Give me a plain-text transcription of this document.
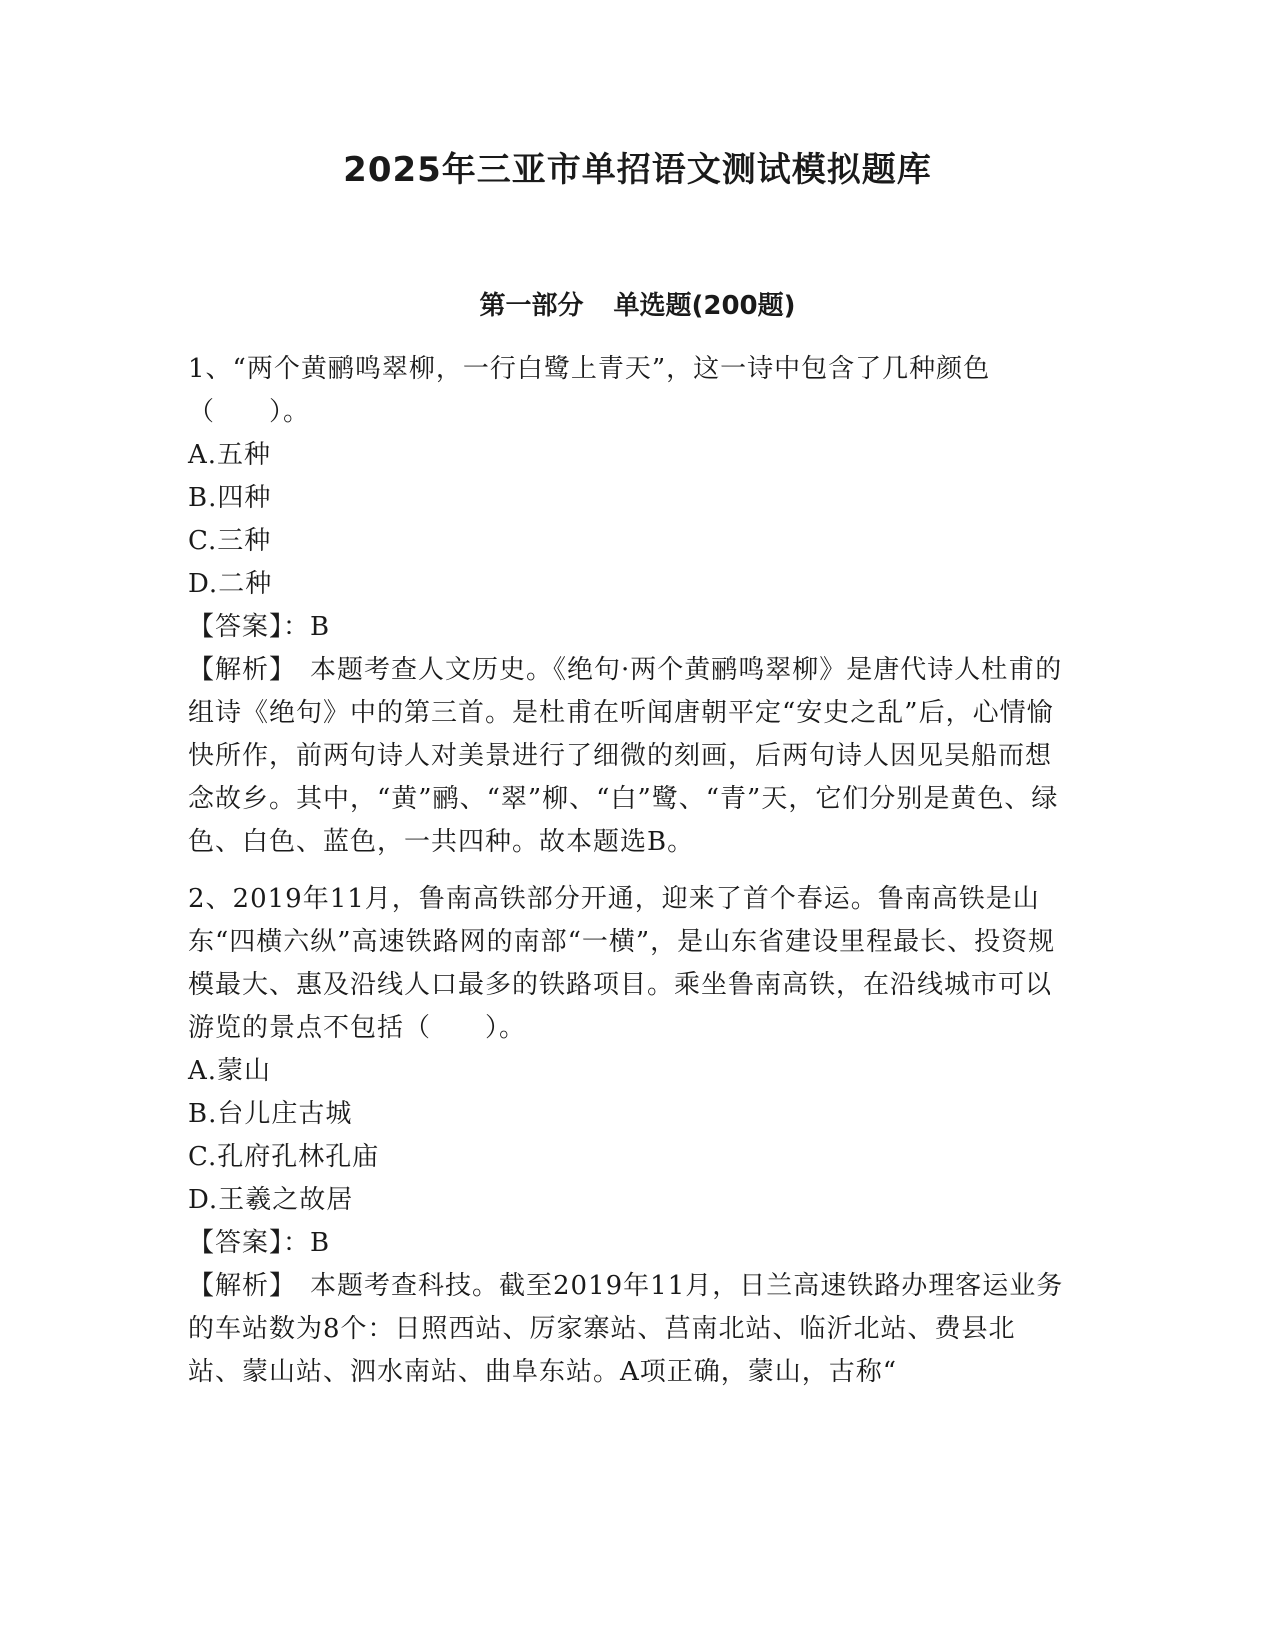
2025年三亚市单招语文测试模拟题库
第一部分 单选题(200题)

1、“两个黄鹂鸣翠柳，一行白鹭上青天”，这一诗中包含了几种颜色（　　）。

A.五种

B.四种

C.三种

D.二种

【答案】：B

【解析】　本题考查人文历史。《绝句·两个黄鹂鸣翠柳》是唐代诗人杜甫的组诗《绝句》中的第三首。是杜甫在听闻唐朝平定“安史之乱”后，心情愉快所作，前两句诗人对美景进行了细微的刻画，后两句诗人因见吴船而想念故乡。其中，“黄”鹂、“翠”柳、“白”鹭、“青”天，它们分别是黄色、绿色、白色、蓝色，一共四种。故本题选B。

2、2019年11月，鲁南高铁部分开通，迎来了首个春运。鲁南高铁是山东“四横六纵”高速铁路网的南部“一横”，是山东省建设里程最长、投资规模最大、惠及沿线人口最多的铁路项目。乘坐鲁南高铁，在沿线城市可以游览的景点不包括（　　）。

A.蒙山

B.台儿庄古城

C.孔府孔林孔庙

D.王羲之故居

【答案】：B

【解析】　本题考查科技。截至2019年11月，日兰高速铁路办理客运业务的车站数为8个：日照西站、厉家寨站、莒南北站、临沂北站、费县北站、蒙山站、泗水南站、曲阜东站。A项正确，蒙山，古称“
